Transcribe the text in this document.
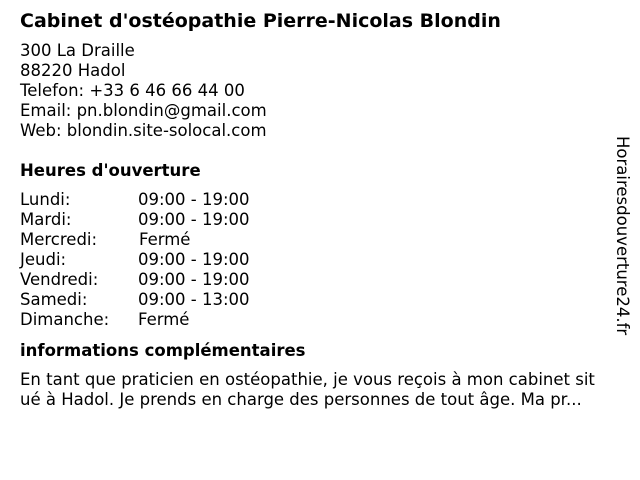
Cabinet d'ostéopathie Pierre-Nicolas Blondin
300 La Draille
88220 Hadol
Telefon: +33 6 46 66 44 00
Email: pn.blondin@gmail.com
Web: blondin.site-solocal.com
Heures d'ouverture
Lundi:	09:00 - 19:00
Mardi:	09:00 - 19:00
Mercredi:	Fermé
Jeudi:	09:00 - 19:00
Vendredi:	09:00 - 19:00
Samedi:	09:00 - 13:00
Dimanche:	Fermé
informations complémentaires
En tant que praticien en ostéopathie, je vous reçois à mon cabinet situé à Hadol. Je prends en charge des personnes de tout âge. Ma pr...
Horairesdouverture24.fr
